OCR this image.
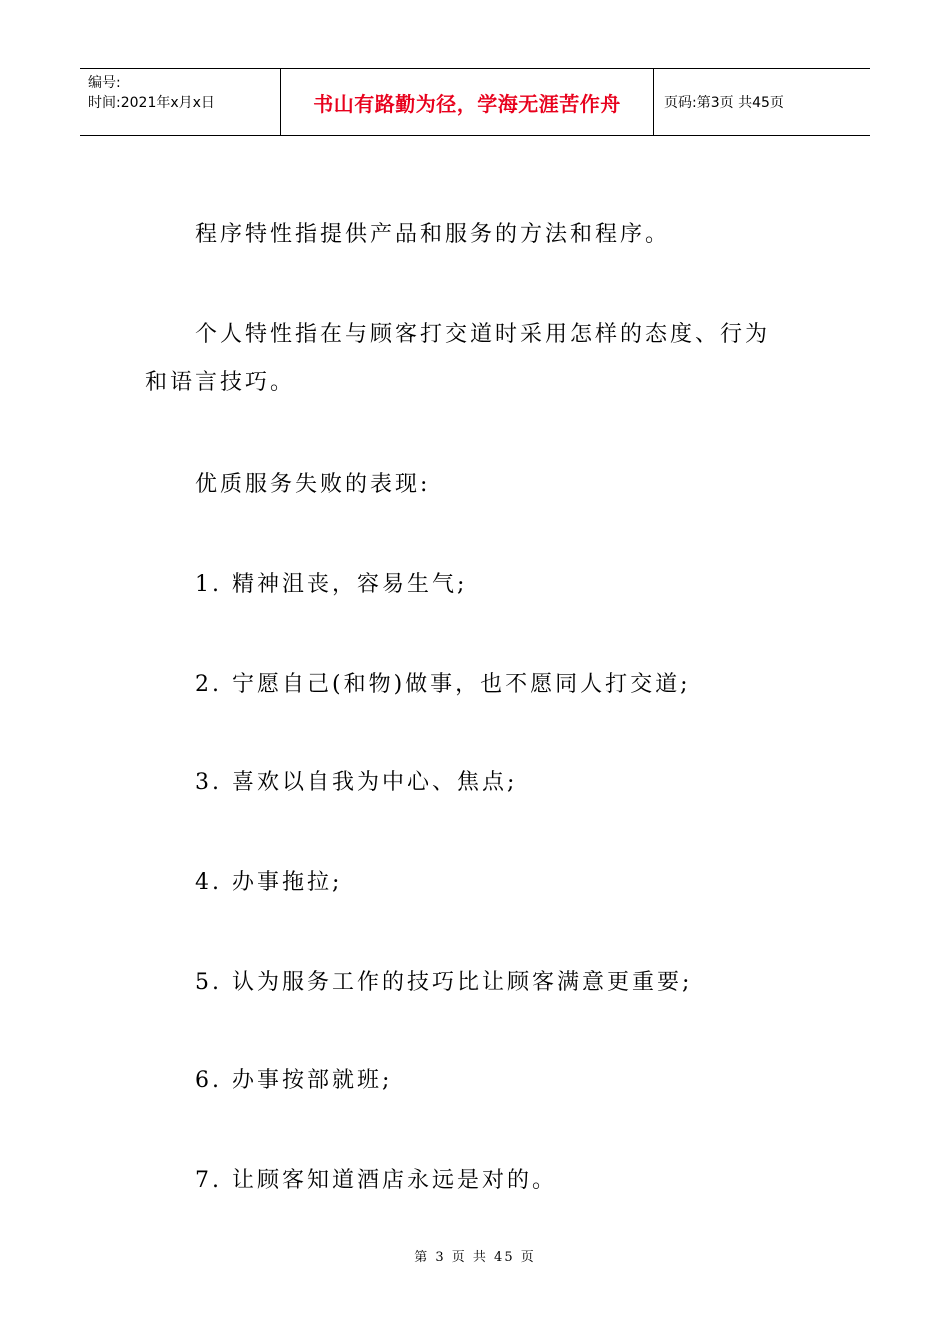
编号:
时间:2021年x月x日	书山有路勤为径，学海无涯苦作舟	页码:第3页 共45页
程序特性指提供产品和服务的方法和程序。
个人特性指在与顾客打交道时采用怎样的态度、行为
和语言技巧。
优质服务失败的表现:
1. 精神沮丧，容易生气;
2. 宁愿自己(和物)做事，也不愿同人打交道;
3. 喜欢以自我为中心、焦点;
4. 办事拖拉;
5. 认为服务工作的技巧比让顾客满意更重要;
6. 办事按部就班;
7. 让顾客知道酒店永远是对的。
第 3 页 共 45 页
